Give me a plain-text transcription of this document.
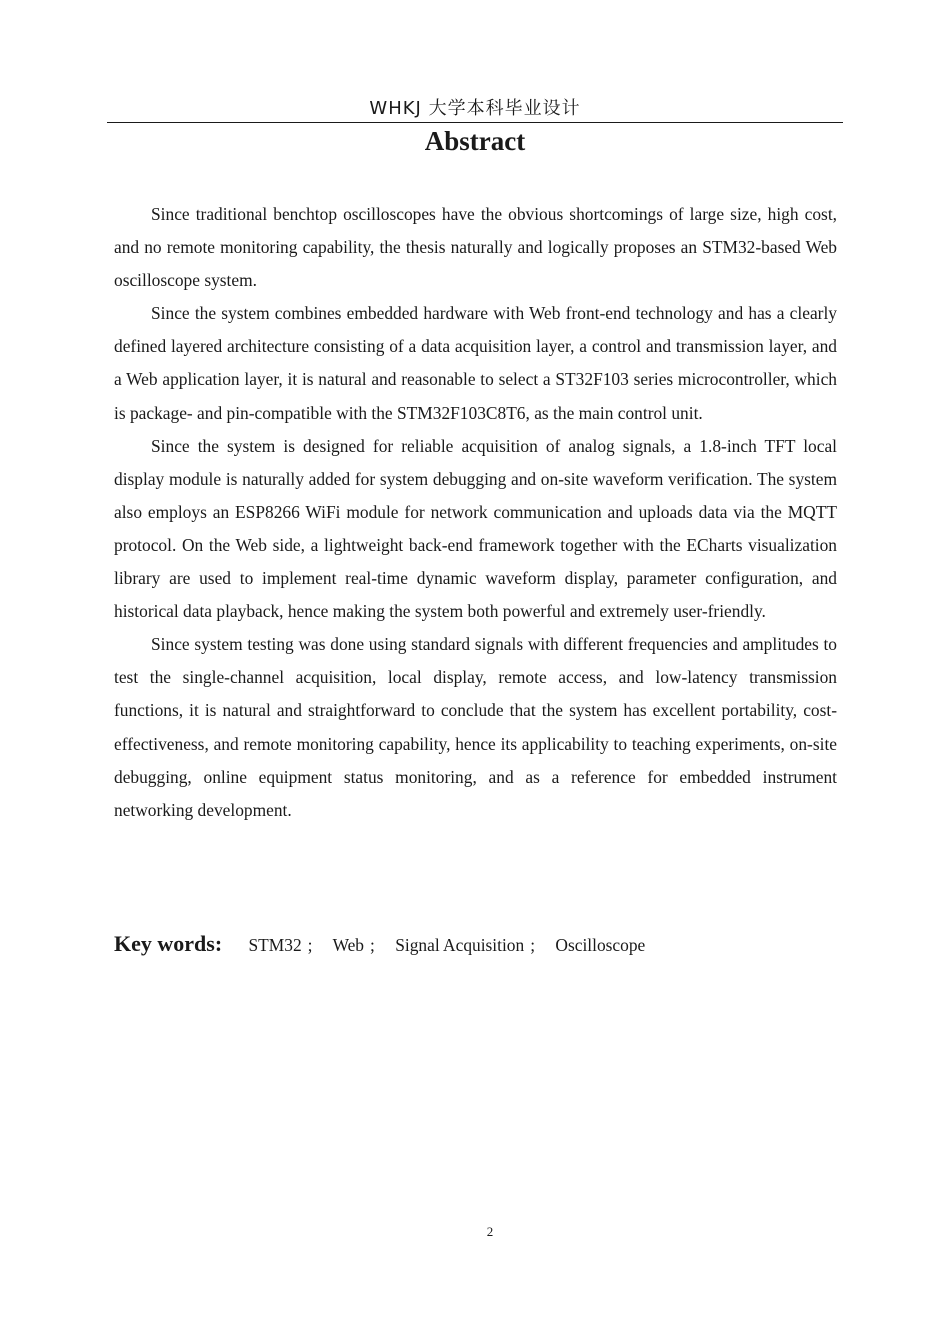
WHKJ 大学本科毕业设计
Abstract

Since traditional benchtop oscilloscopes have the obvious shortcomings of large size, high cost, and no remote monitoring capability, the thesis naturally and logically proposes an STM32-based Web oscilloscope system.

Since the system combines embedded hardware with Web front-end technology and has a clearly defined layered architecture consisting of a data acquisition layer, a control and transmission layer, and a Web application layer, it is natural and reasonable to select a ST32F103 series microcontroller, which is package- and pin-compatible with the STM32F103C8T6, as the main control unit.

Since the system is designed for reliable acquisition of analog signals, a 1.8-inch TFT local display module is naturally added for system debugging and on-site waveform verification. The system also employs an ESP8266 WiFi module for network communication and uploads data via the MQTT protocol. On the Web side, a lightweight back-end framework together with the ECharts visualization library are used to implement real-time dynamic waveform display, parameter configuration, and historical data playback, hence making the system both powerful and extremely user-friendly.

Since system testing was done using standard signals with different frequencies and amplitudes to test the single-channel acquisition, local display, remote access, and low-latency transmission functions, it is natural and straightforward to conclude that the system has excellent portability, cost-effectiveness, and remote monitoring capability, hence its applicability to teaching experiments, on-site debugging, online equipment status monitoring, and as a reference for embedded instrument networking development.

Key words: STM32 ; Web ; Signal Acquisition ; Oscilloscope
2
